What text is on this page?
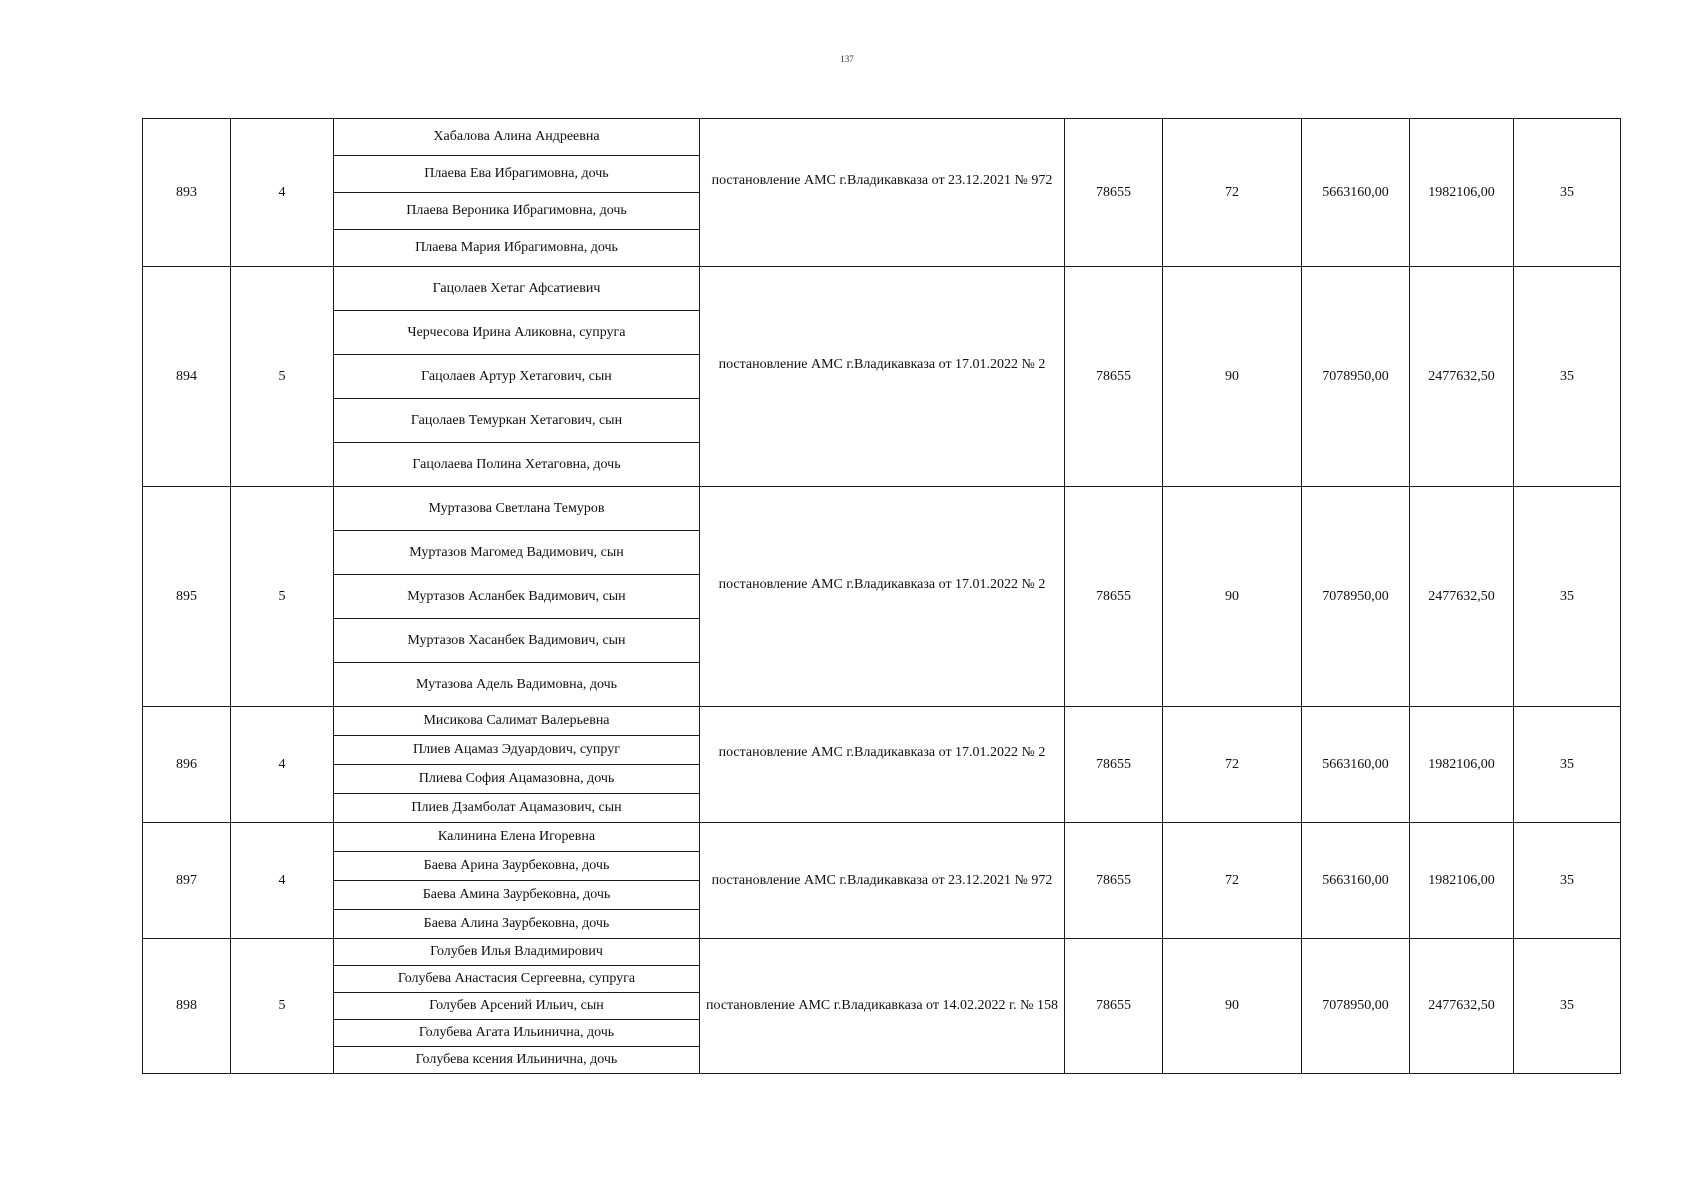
137
893	4	Хабалова Алина Андреевна	постановление АМС г.Владикавказа от 23.12.2021 № 972	78655	72	5663160,00	1982106,00	35
		Плаева Ева Ибрагимовна, дочь						
		Плаева Вероника Ибрагимовна, дочь						
		Плаева Мария Ибрагимовна, дочь						
894	5	Гацолаев Хетаг Афсатиевич	постановление АМС г.Владикавказа от 17.01.2022 № 2	78655	90	7078950,00	2477632,50	35
		Черчесова Ирина Аликовна, супруга						
		Гацолаев Артур Хетагович, сын						
		Гацолаев Темуркан Хетагович, сын						
		Гацолаева Полина Хетаговна, дочь						
895	5	Муртазова Светлана Темуров	постановление АМС г.Владикавказа от 17.01.2022 № 2	78655	90	7078950,00	2477632,50	35
		Муртазов Магомед Вадимович, сын						
		Муртазов Асланбек Вадимович, сын						
		Муртазов Хасанбек Вадимович, сын						
		Мутазова Адель Вадимовна, дочь						
896	4	Мисикова Салимат Валерьевна	постановление АМС г.Владикавказа от 17.01.2022 № 2	78655	72	5663160,00	1982106,00	35
		Плиев Ацамаз Эдуардович, супруг						
		Плиева София Ацамазовна, дочь						
		Плиев Дзамболат Ацамазович, сын						
897	4	Калинина Елена Игоревна	постановление АМС г.Владикавказа от 23.12.2021 № 972	78655	72	5663160,00	1982106,00	35
		Баева Арина Заурбековна, дочь						
		Баева Амина Заурбековна, дочь						
		Баева Алина Заурбековна, дочь						
898	5	Голубев Илья Владимирович	постановление АМС г.Владикавказа от 14.02.2022 г. № 158	78655	90	7078950,00	2477632,50	35
		Голубева Анастасия Сергеевна, супруга						
		Голубев Арсений Ильич, сын						
		Голубева Агата Ильинична, дочь						
		Голубева ксения Ильинична, дочь						
